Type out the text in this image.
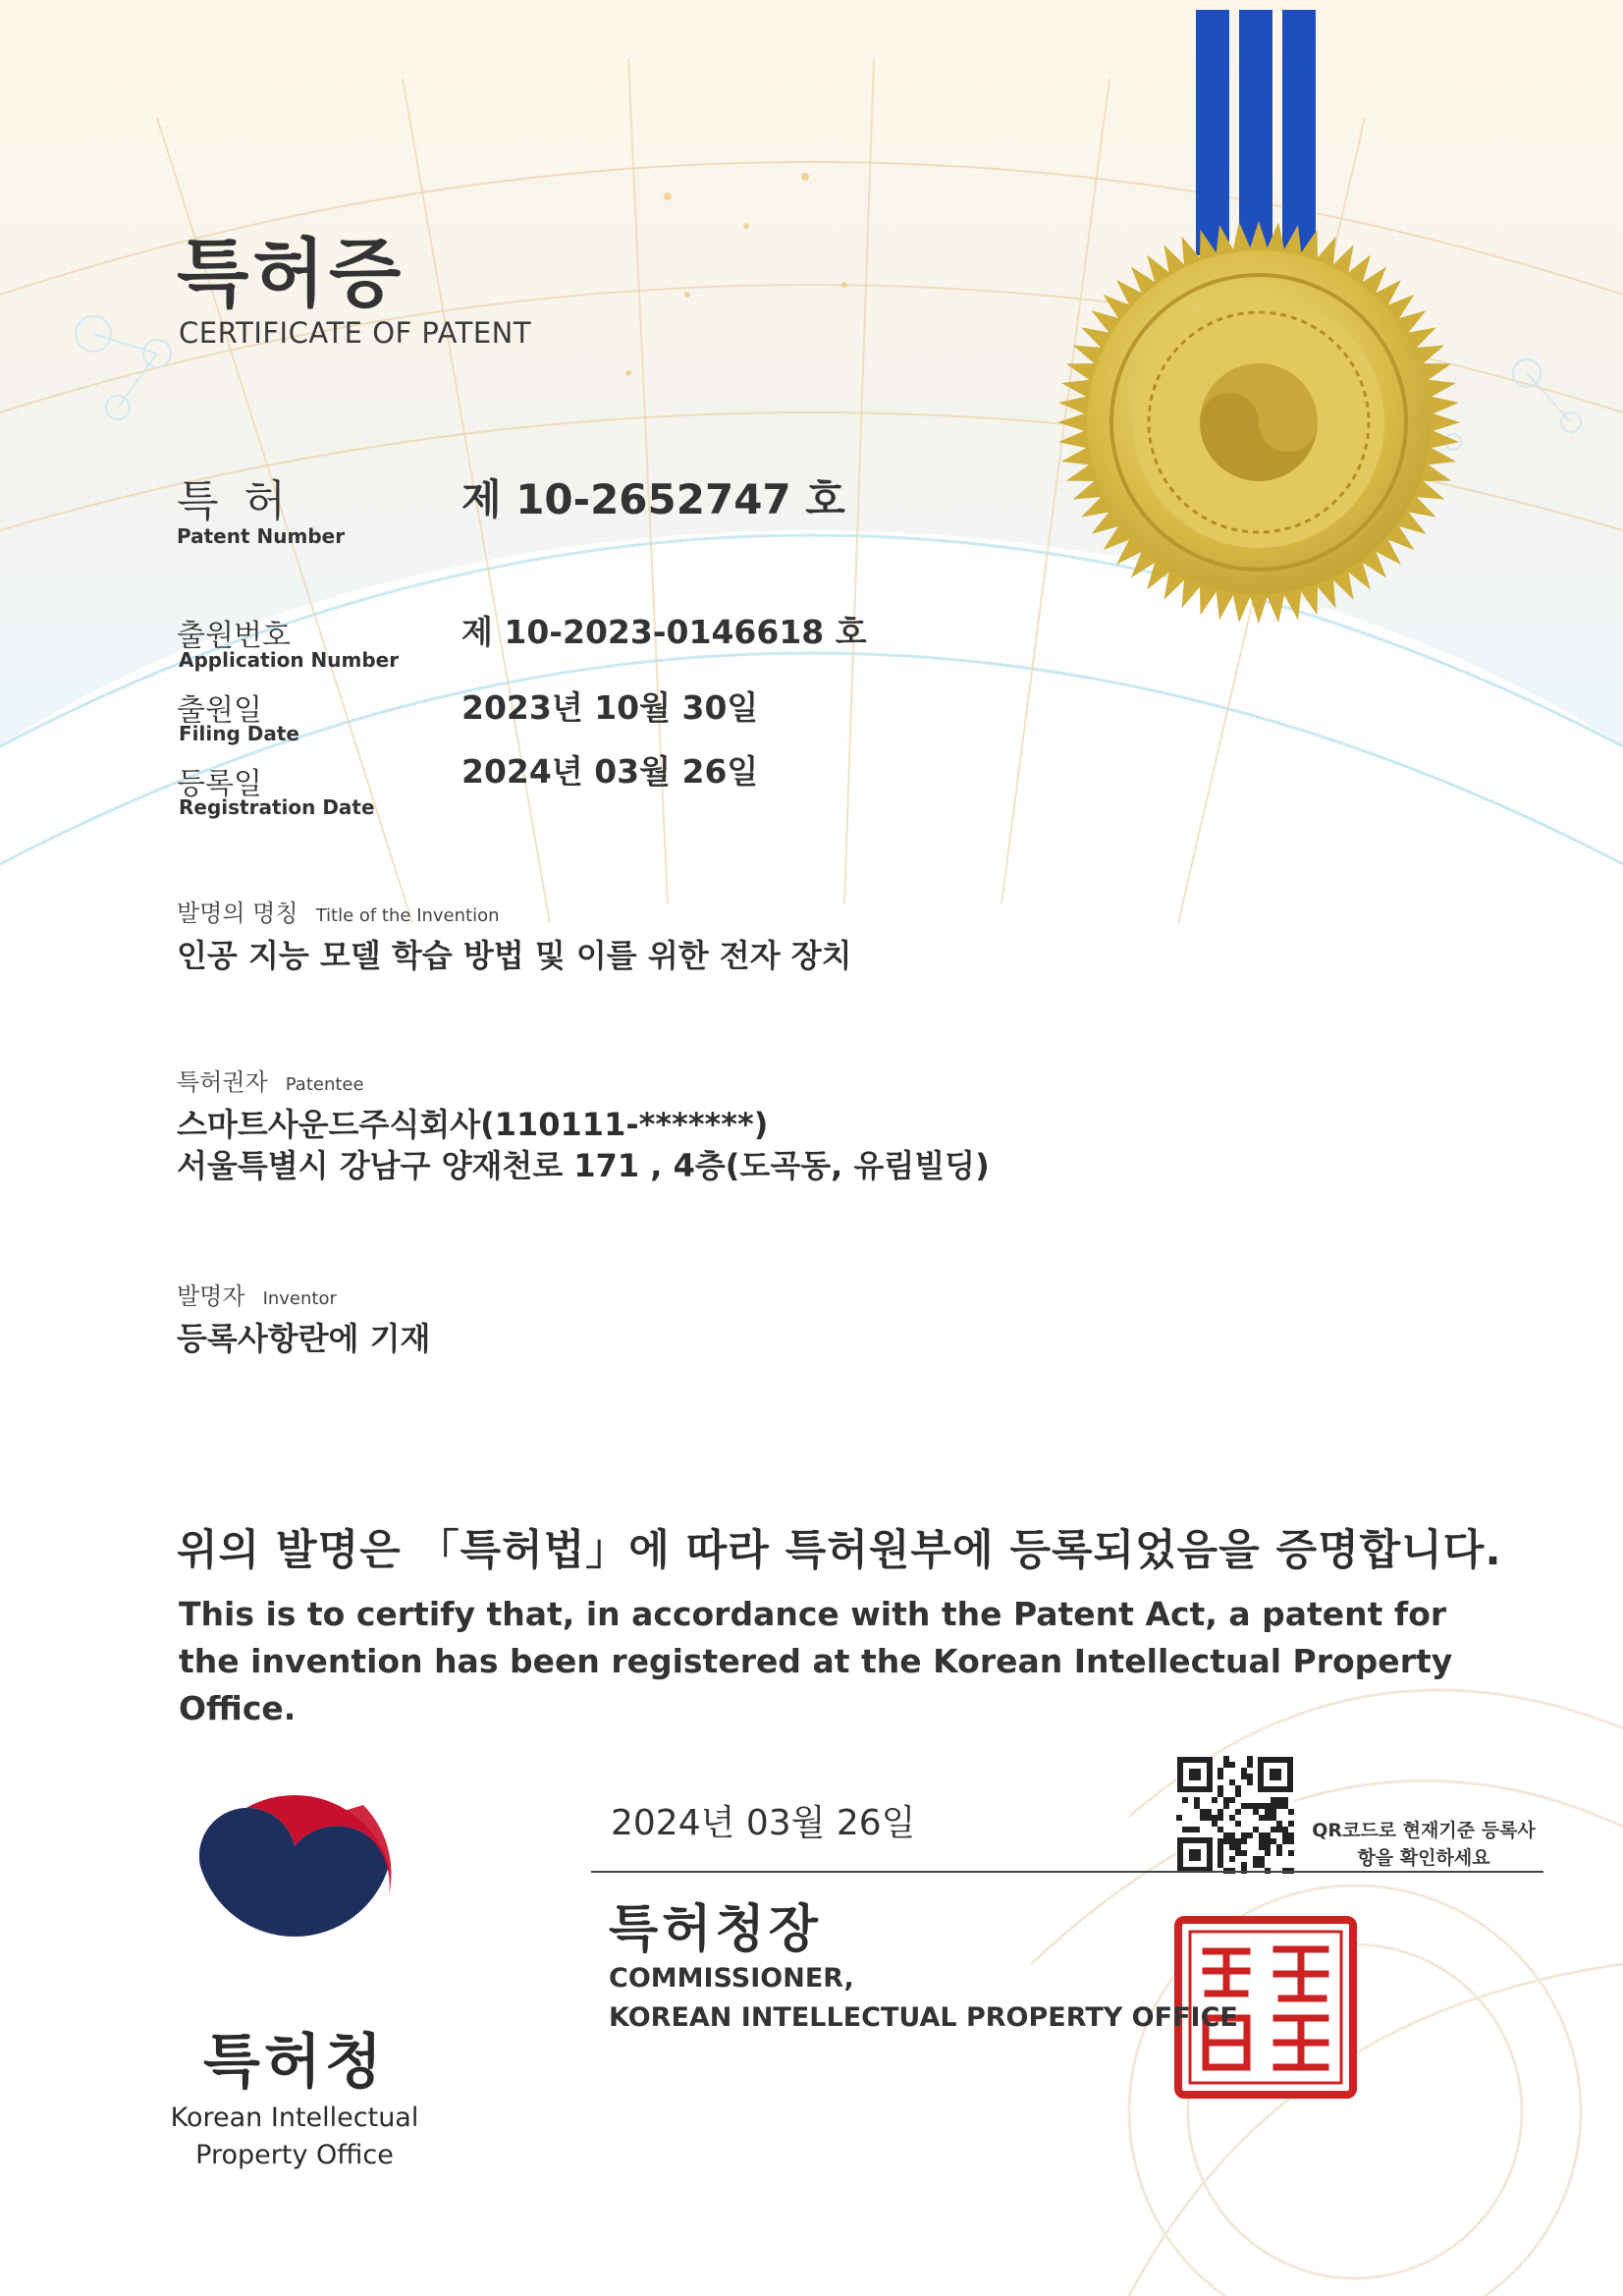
특허증
CERTIFICATE OF PATENT
특 허
Patent Number
제 10-2652747 호
출원번호
Application Number
제 10-2023-0146618 호
출원일
Filing Date
2023년 10월 30일
등록일
Registration Date
2024년 03월 26일
발명의 명칭 Title of the Invention
인공 지능 모델 학습 방법 및 이를 위한 전자 장치
특허권자 Patentee
스마트사운드주식회사(110111-*******)
서울특별시 강남구 양재천로 171 , 4층(도곡동, 유림빌딩)
발명자 Inventor
등록사항란에 기재
위의 발명은 「특허법」에 따라 특허원부에 등록되었음을 증명합니다.
This is to certify that, in accordance with the Patent Act, a patent for the invention has been registered at the Korean Intellectual Property Office.
특허청
Korean Intellectual Property Office
2024년 03월 26일
특허청장
COMMISSIONER,
KOREAN INTELLECTUAL PROPERTY OFFICE
QR코드로 현재기준 등록사항을 확인하세요
